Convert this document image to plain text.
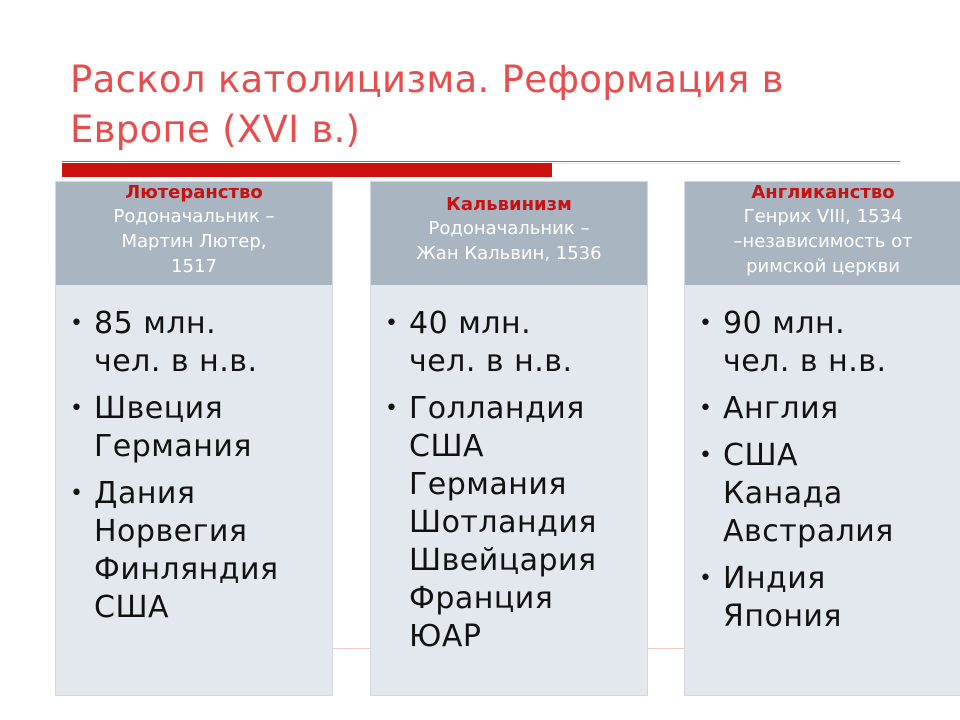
Раскол католицизма. Реформация в
Европе (XVI в.)
Лютеранство
Родоначальник –
Мартин Лютер,
1517
• 85 млн.
чел. в н.в.
• Швеция
Германия
• Дания
Норвегия
Финляндия
США
Кальвинизм
Родоначальник –
Жан Кальвин, 1536
• 40 млн.
чел. в н.в.
• Голландия
США
Германия
Шотландия
Швейцария
Франция
ЮАР
Англиканство
Генрих VIII, 1534
–независимость от
римской церкви
• 90 млн.
чел. в н.в.
• Англия
• США
Канада
Австралия
• Индия
Япония
